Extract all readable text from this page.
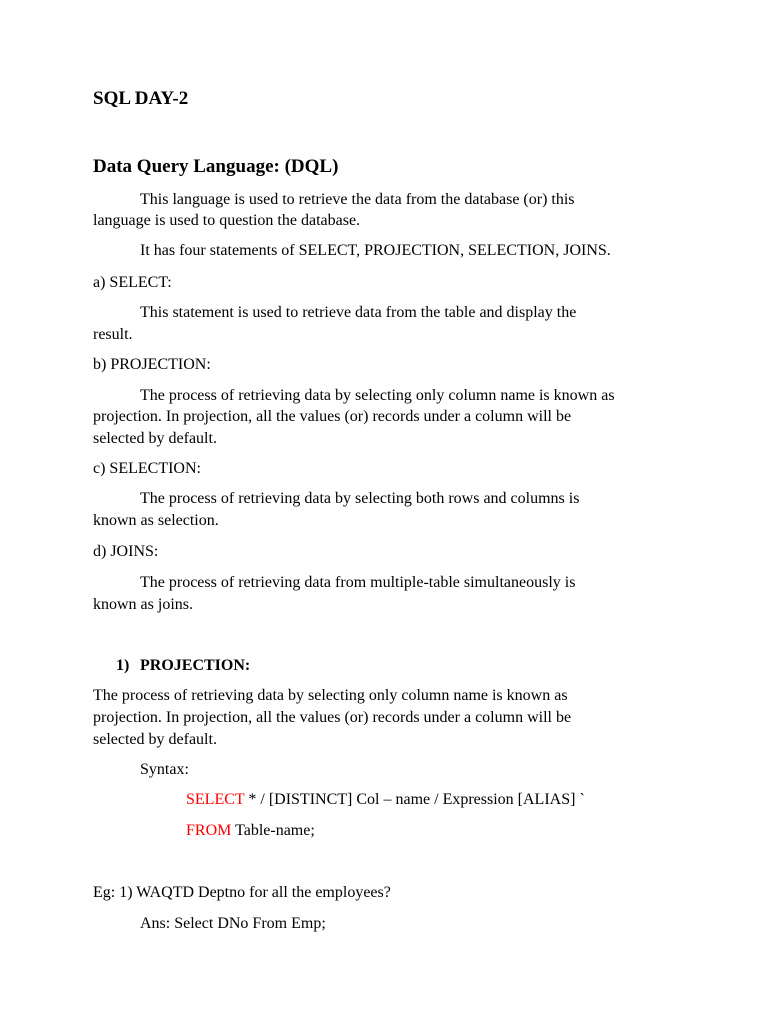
SQL DAY-2
Data Query Language: (DQL)
This language is used to retrieve the data from the database (or) this
language is used to question the database.
It has four statements of SELECT, PROJECTION, SELECTION, JOINS.
a) SELECT:
This statement is used to retrieve data from the table and display the
result.
b) PROJECTION:
The process of retrieving data by selecting only column name is known as
projection. In projection, all the values (or) records under a column will be
selected by default.
c) SELECTION:
The process of retrieving data by selecting both rows and columns is
known as selection.
d) JOINS:
The process of retrieving data from multiple-table simultaneously is
known as joins.
1) PROJECTION:
The process of retrieving data by selecting only column name is known as
projection. In projection, all the values (or) records under a column will be
selected by default.
Syntax:
SELECT * / [DISTINCT] Col – name / Expression [ALIAS] `
FROM Table-name;
Eg: 1) WAQTD Deptno for all the employees?
Ans: Select DNo From Emp;
